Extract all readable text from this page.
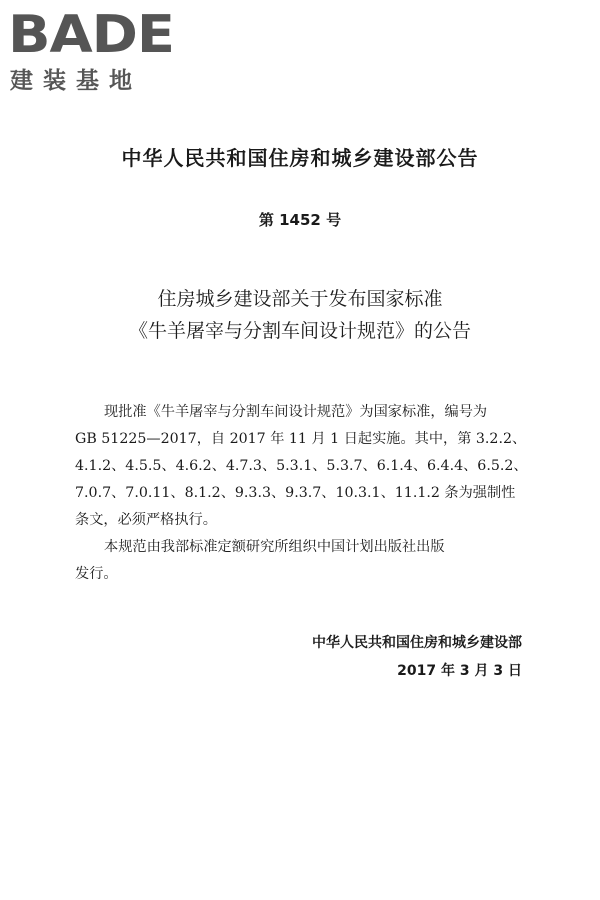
BADE
建装基地
中华人民共和国住房和城乡建设部公告
第 1452 号
住房城乡建设部关于发布国家标准
《牛羊屠宰与分割车间设计规范》的公告
现批准《牛羊屠宰与分割车间设计规范》为国家标准，编号为
GB 51225—2017，自 2017 年 11 月 1 日起实施。其中，第 3.2.2、
4.1.2、4.5.5、4.6.2、4.7.3、5.3.1、5.3.7、6.1.4、6.4.4、6.5.2、
7.0.7、7.0.11、8.1.2、9.3.3、9.3.7、10.3.1、11.1.2 条为强制性
条文，必须严格执行。
本规范由我部标准定额研究所组织中国计划出版社出版
发行。
中华人民共和国住房和城乡建设部
2017 年 3 月 3 日
